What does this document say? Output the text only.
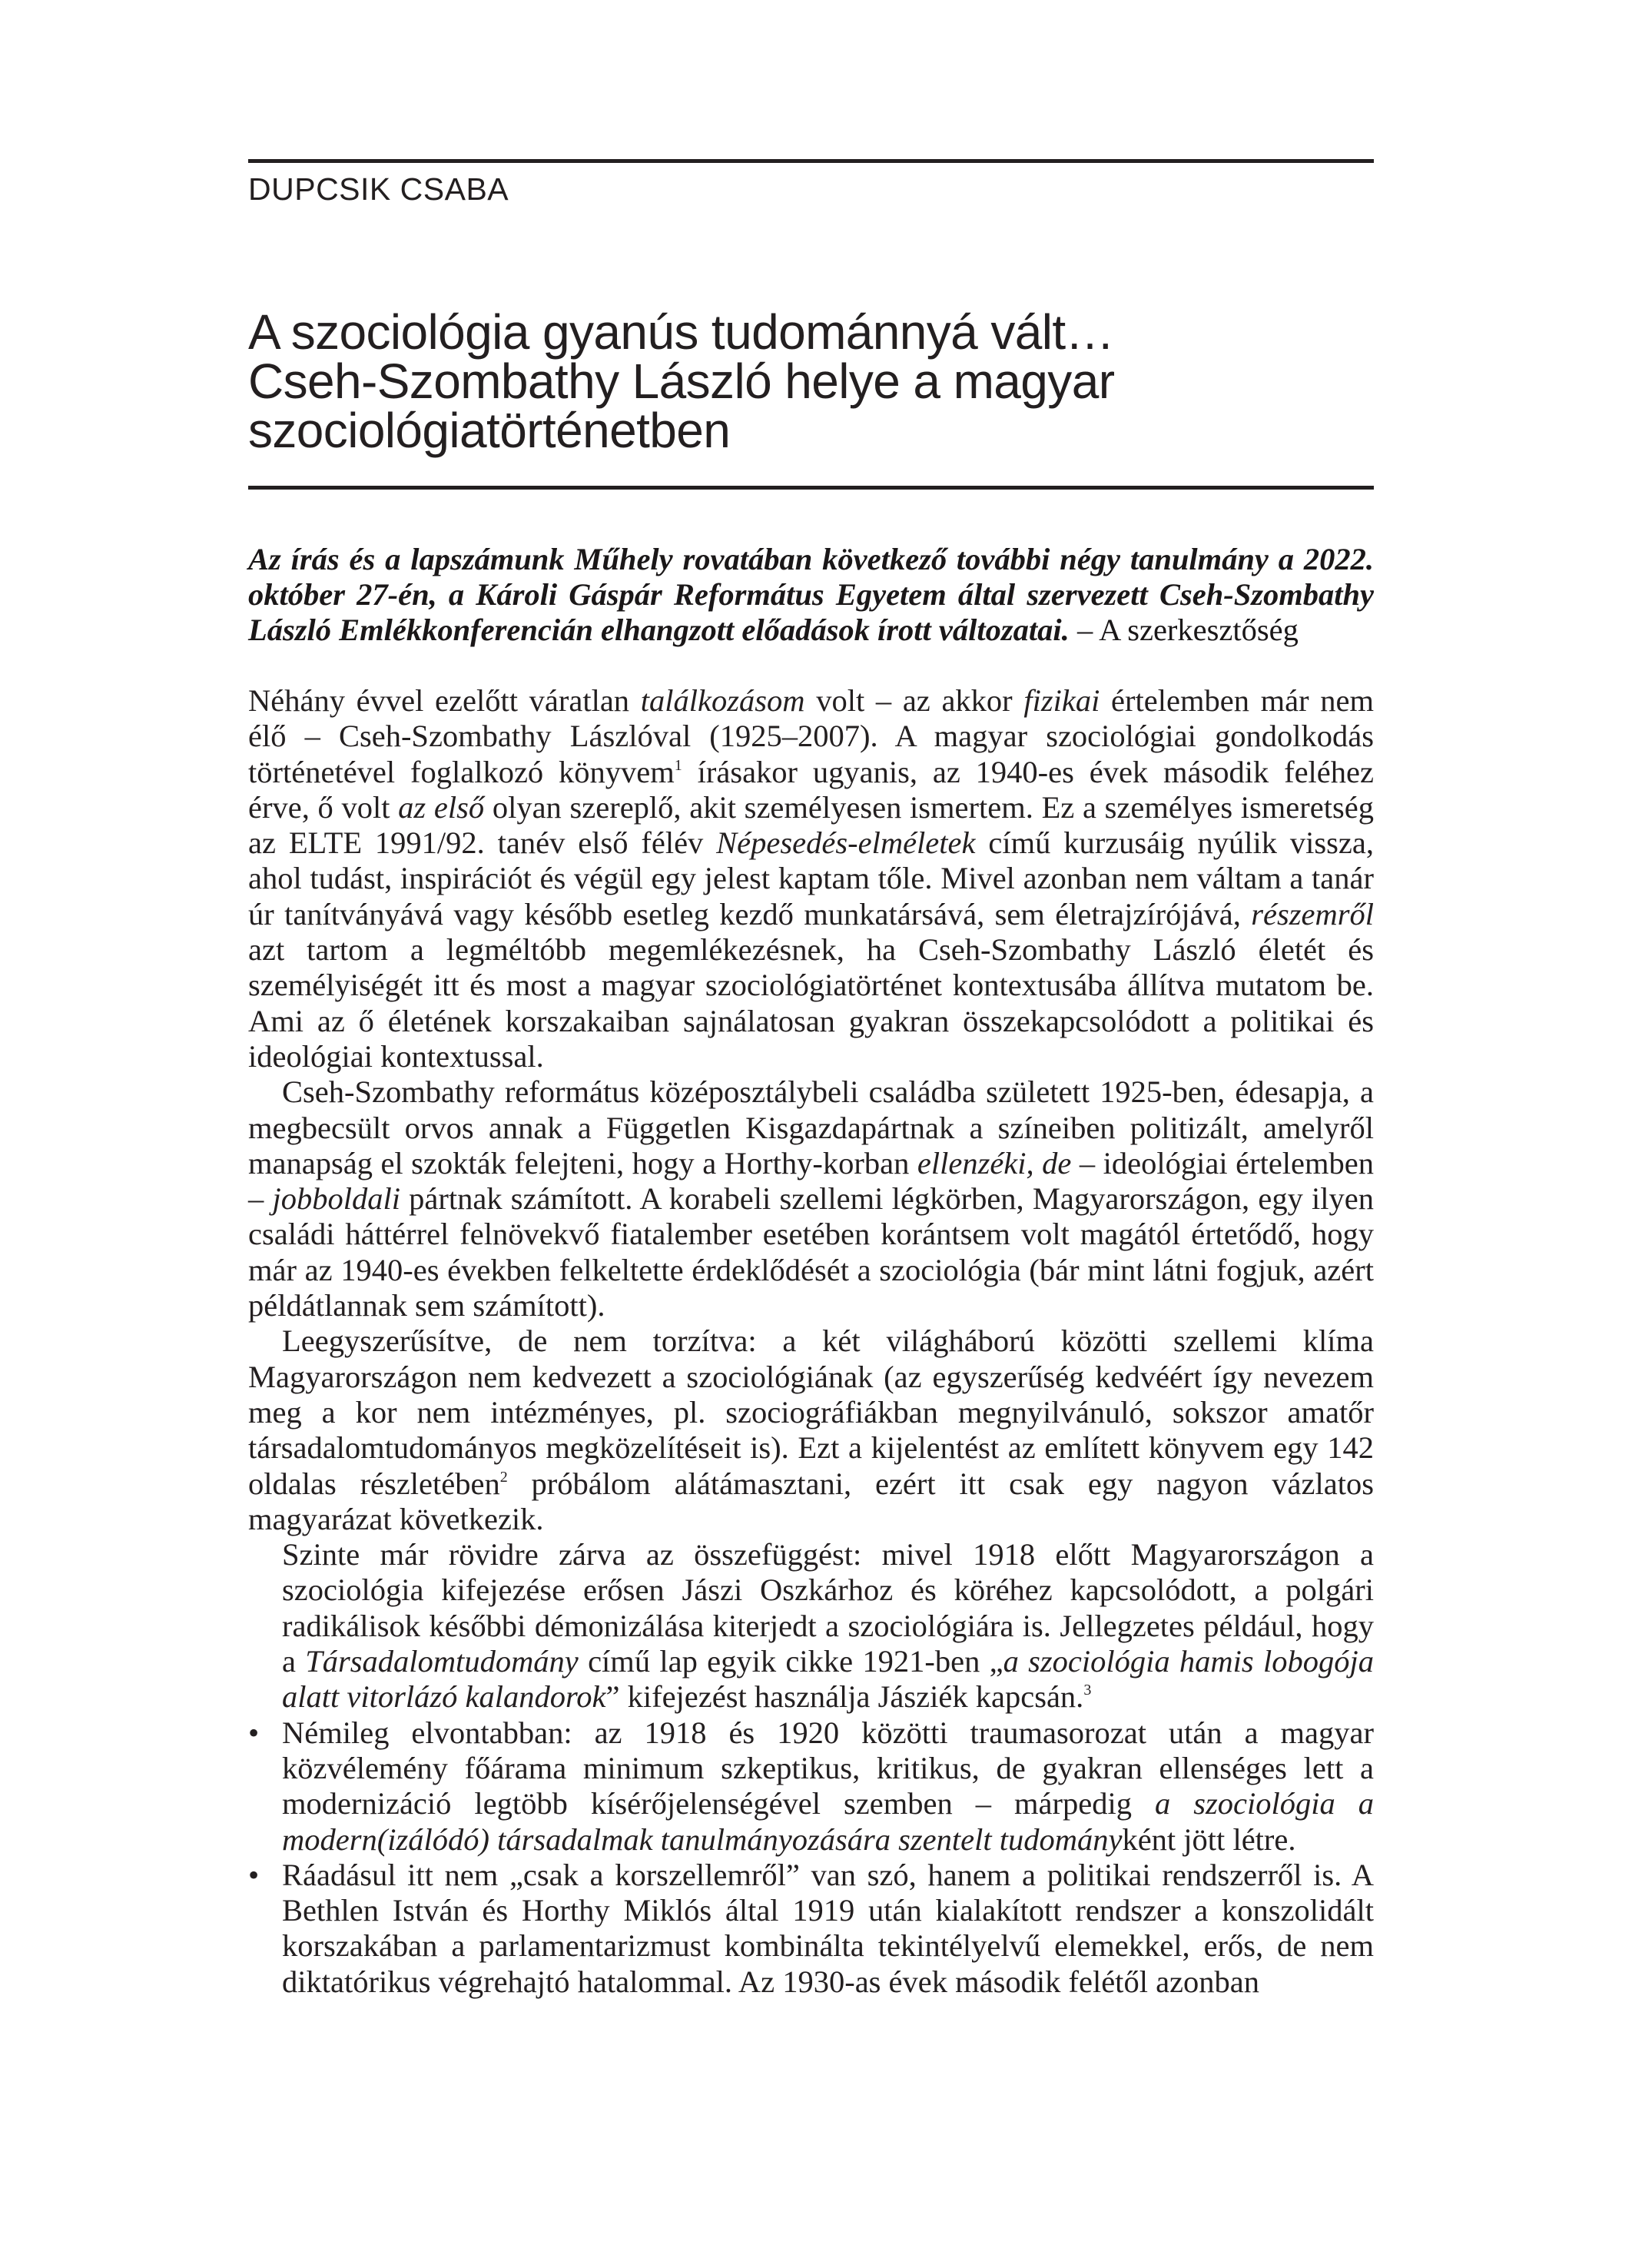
DUPCSIK CSABA
A szociológia gyanús tudománnyá vált…
Cseh-Szombathy László helye a magyar
szociológiatörténetben
Az írás és a lapszámunk Műhely rovatában következő további négy tanulmány a 2022. október 27-én, a Károli Gáspár Református Egyetem által szervezett Cseh-Szombathy László Emlékkonferencián elhangzott előadások írott változatai. – A szerkesztőség

Néhány évvel ezelőtt váratlan találkozásom volt – az akkor fizikai értelemben már nem élő – Cseh-Szombathy Lászlóval (1925–2007). A magyar szociológiai gondolkodás történetével foglalkozó könyvem$^1$ írásakor ugyanis, az 1940-es évek második feléhez érve, ő volt az első olyan szereplő, akit személyesen ismertem. Ez a személyes ismeretség az ELTE 1991/92. tanév első félév Népesedés-elméletek című kurzusáig nyúlik vissza, ahol tudást, inspirációt és végül egy jelest kaptam tőle. Mivel azonban nem váltam a tanár úr tanítványává vagy később esetleg kezdő munkatársává, sem életrajzírójává, részemről azt tartom a legméltóbb megemlékezésnek, ha Cseh-Szombathy László életét és személyiségét itt és most a magyar szociológiatörténet kontextusába állítva mutatom be. Ami az ő életének korszakaiban sajnálatosan gyakran összekapcsolódott a politikai és ideológiai kontextussal.

Cseh-Szombathy református középosztálybeli családba született 1925-ben, édesapja, a megbecsült orvos annak a Független Kisgazdapártnak a színeiben politizált, amelyről manapság el szokták felejteni, hogy a Horthy-korban ellenzéki, de – ideológiai értelemben – jobboldali pártnak számított. A korabeli szellemi légkörben, Magyarországon, egy ilyen családi háttérrel felnövekvő fiatalember esetében korántsem volt magától értetődő, hogy már az 1940-es években felkeltette érdeklődését a szociológia (bár mint látni fogjuk, azért példátlannak sem számított).

Leegyszerűsítve, de nem torzítva: a két világháború közötti szellemi klíma Magyarországon nem kedvezett a szociológiának (az egyszerűség kedvéért így nevezem meg a kor nem intézményes, pl. szociográfiákban megnyilvánuló, sokszor amatőr társadalomtudományos megközelítéseit is). Ezt a kijelentést az említett könyvem egy 142 oldalas részletében$^2$ próbálom alátámasztani, ezért itt csak egy nagyon vázlatos magyarázat következik.

Szinte már rövidre zárva az összefüggést: mivel 1918 előtt Magyarországon a szociológia kifejezése erősen Jászi Oszkárhoz és köréhez kapcsolódott, a polgári radikálisok későbbi démonizálása kiterjedt a szociológiára is. Jellegzetes például, hogy a Társadalomtudomány című lap egyik cikke 1921-ben „a szociológia hamis lobogója alatt vitorlázó kalandorok” kifejezést használja Jásziék kapcsán.$^3$

• Némileg elvontabban: az 1918 és 1920 közötti traumasorozat után a magyar közvélemény főárama minimum szkeptikus, kritikus, de gyakran ellenséges lett a modernizáció legtöbb kísérőjelenségével szemben – márpedig a szociológia a modern(izálódó) társadalmak tanulmányozására szentelt tudományként jött létre.
• Ráadásul itt nem „csak a korszellemről” van szó, hanem a politikai rendszerről is. A Bethlen István és Horthy Miklós által 1919 után kialakított rendszer a konszolidált korszakában a parlamentarizmust kombinálta tekintélyelvű elemekkel, erős, de nem diktatórikus végrehajtó hatalommal. Az 1930-as évek második felétől azonban
